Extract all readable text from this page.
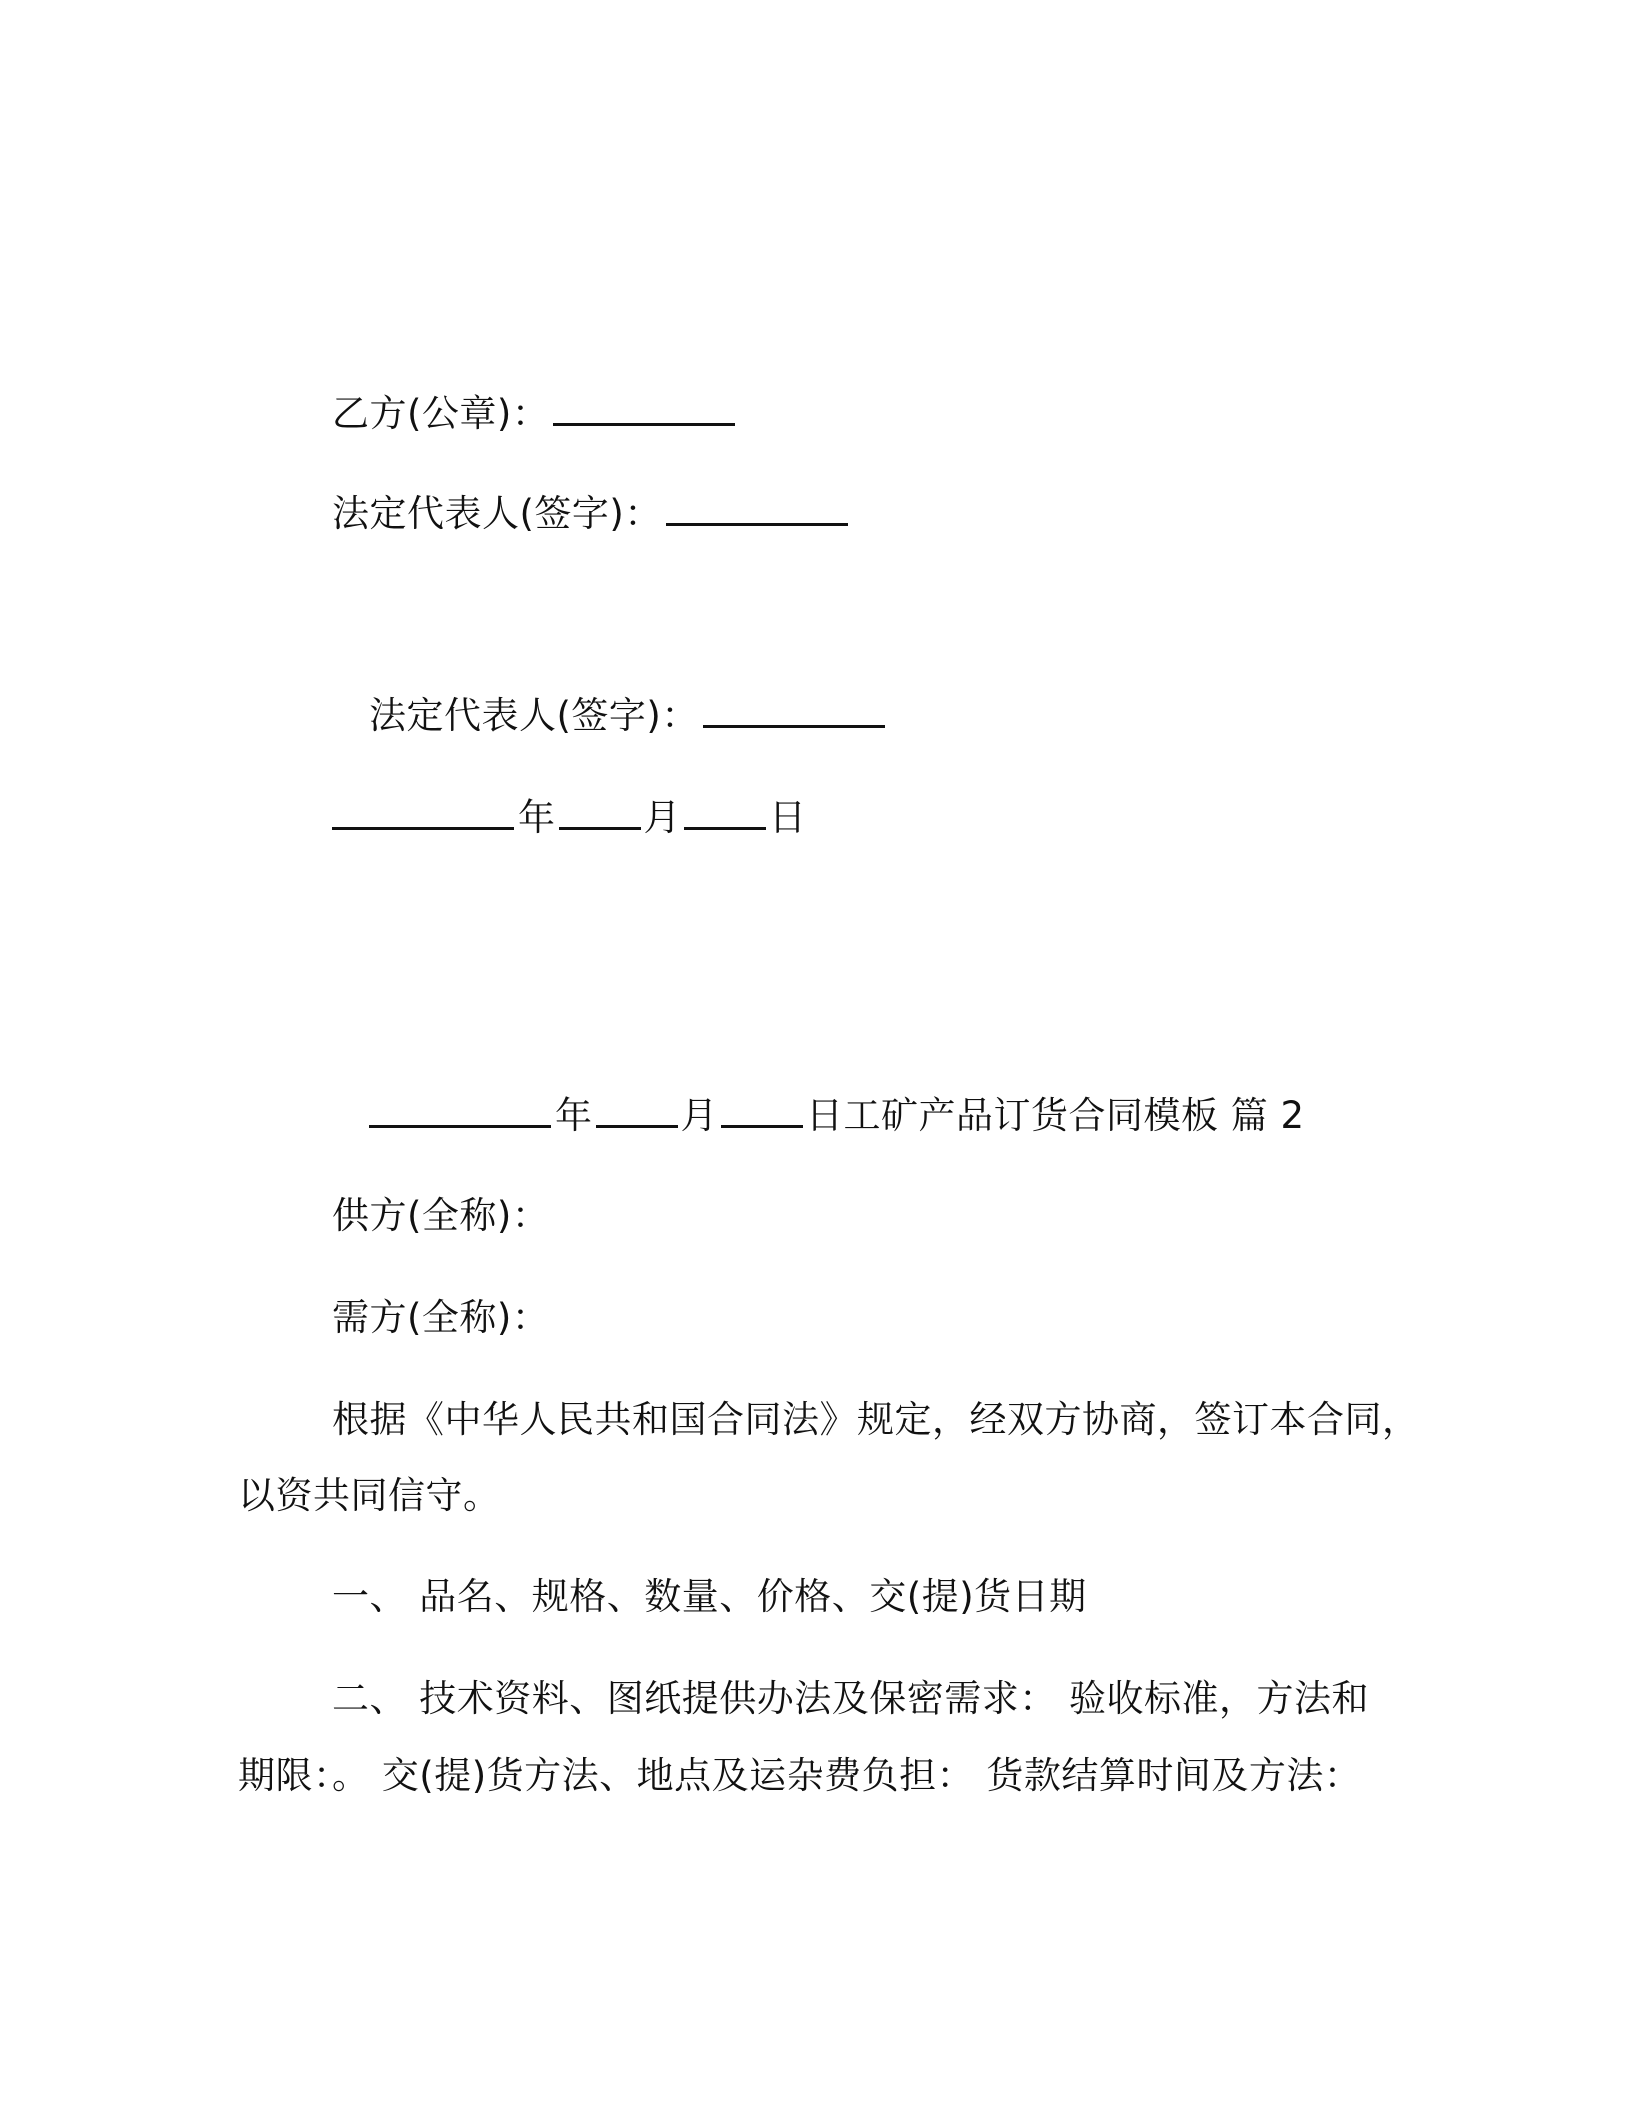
乙方(公章)：
法定代表人(签字)：
法定代表人(签字)：
年 月 日
年 月 日工矿产品订货合同模板 篇 2
供方(全称)：
需方(全称)：
根据《中华人民共和国合同法》规定，经双方协商，签订本合同，
以资共同信守。
一、 品名、规格、数量、价格、交(提)货日期
二、 技术资料、图纸提供办法及保密需求： 验收标准，方法和
期限：。 交(提)货方法、地点及运杂费负担： 货款结算时间及方法：
